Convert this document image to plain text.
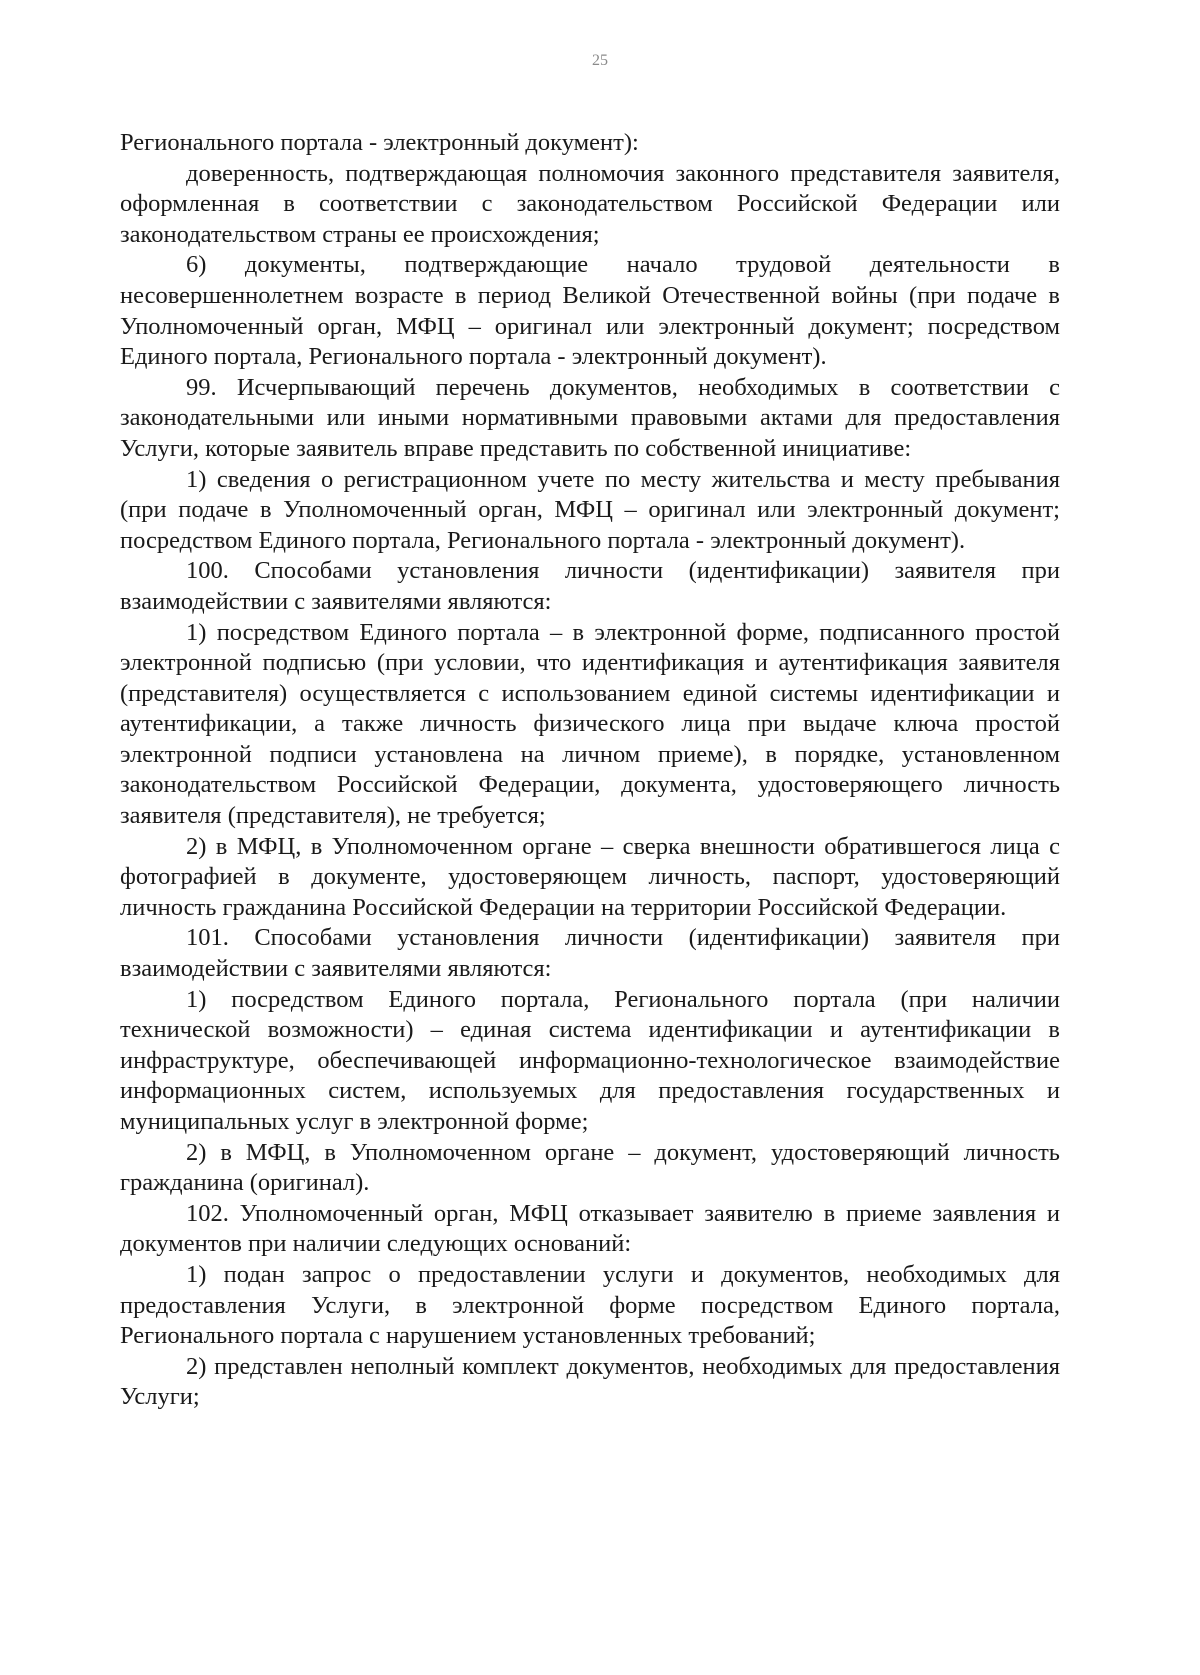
25

Регионального портала - электронный документ):

доверенность, подтверждающая полномочия законного представителя заявителя, оформленная в соответствии с законодательством Российской Федерации или законодательством страны ее происхождения;

6) документы, подтверждающие начало трудовой деятельности в несовершеннолетнем возрасте в период Великой Отечественной войны (при подаче в Уполномоченный орган, МФЦ – оригинал или электронный документ; посредством Единого портала, Регионального портала - электронный документ).

99. Исчерпывающий перечень документов, необходимых в соответствии с законодательными или иными нормативными правовыми актами для предоставления Услуги, которые заявитель вправе представить по собственной инициативе:

1) сведения о регистрационном учете по месту жительства и месту пребывания (при подаче в Уполномоченный орган, МФЦ – оригинал или электронный документ; посредством Единого портала, Регионального портала - электронный документ).

100. Способами установления личности (идентификации) заявителя при взаимодействии с заявителями являются:

1) посредством Единого портала – в электронной форме, подписанного простой электронной подписью (при условии, что идентификация и аутентификация заявителя (представителя) осуществляется с использованием единой системы идентификации и аутентификации, а также личность физического лица при выдаче ключа простой электронной подписи установлена на личном приеме), в порядке, установленном законодательством Российской Федерации, документа, удостоверяющего личность заявителя (представителя), не требуется;

2) в МФЦ, в Уполномоченном органе – сверка внешности обратившегося лица с фотографией в документе, удостоверяющем личность, паспорт, удостоверяющий личность гражданина Российской Федерации на территории Российской Федерации.

101. Способами установления личности (идентификации) заявителя при взаимодействии с заявителями являются:

1) посредством Единого портала, Регионального портала (при наличии технической возможности) – единая система идентификации и аутентификации в инфраструктуре, обеспечивающей информационно-технологическое взаимодействие информационных систем, используемых для предоставления государственных и муниципальных услуг в электронной форме;

2) в МФЦ, в Уполномоченном органе – документ, удостоверяющий личность гражданина (оригинал).

102. Уполномоченный орган, МФЦ отказывает заявителю в приеме заявления и документов при наличии следующих оснований:

1) подан запрос о предоставлении услуги и документов, необходимых для предоставления Услуги, в электронной форме посредством Единого портала, Регионального портала с нарушением установленных требований;

2) представлен неполный комплект документов, необходимых для предоставления Услуги;
